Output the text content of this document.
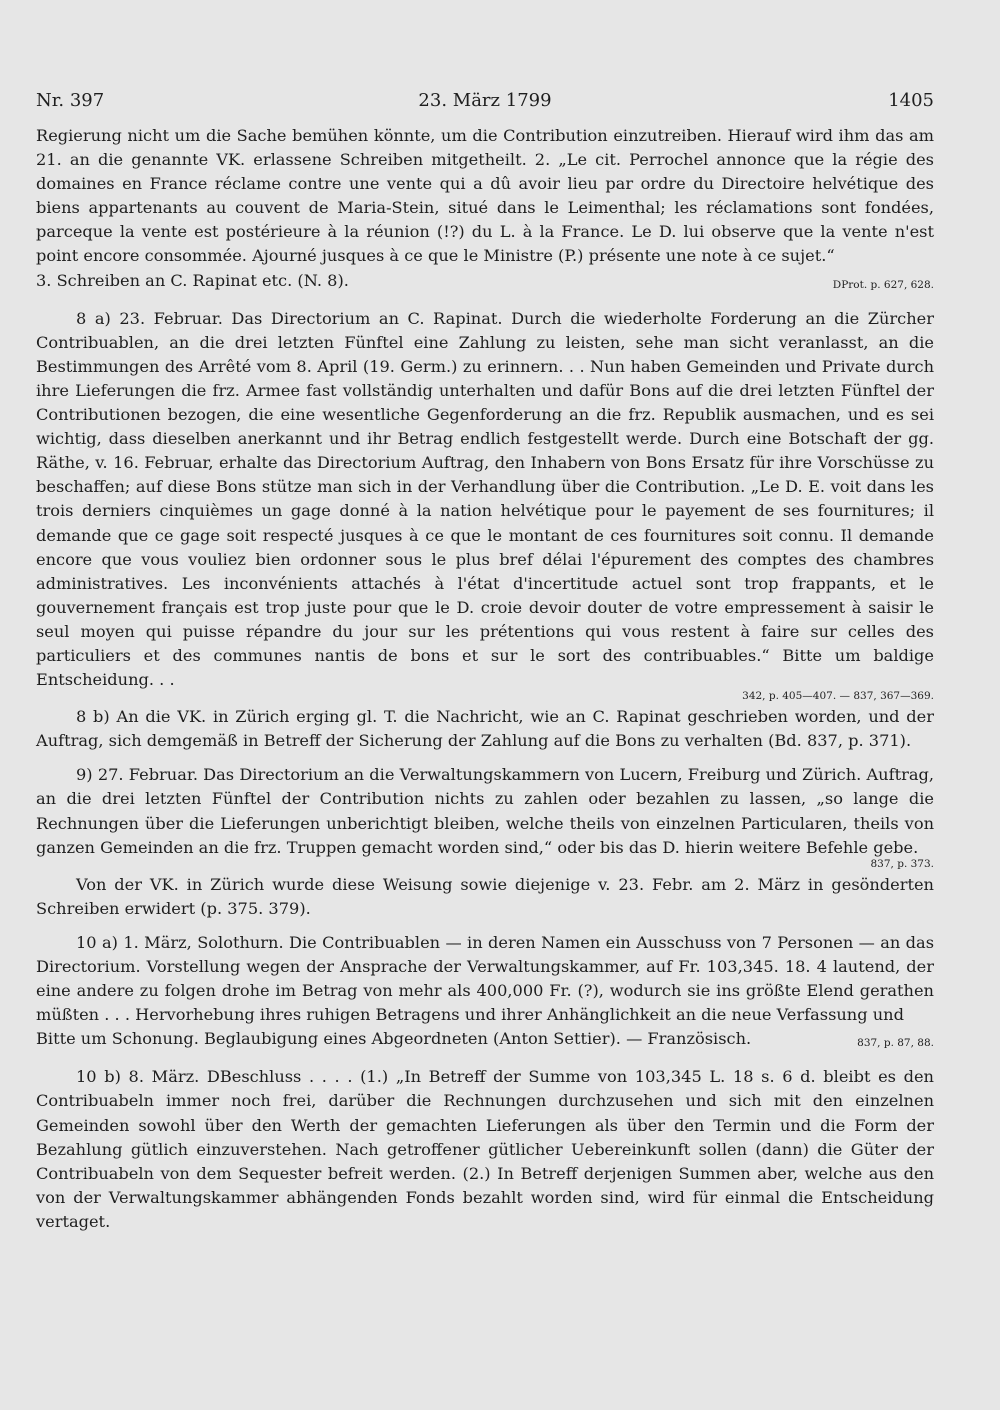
Nr. 397	23. März 1799	1405

Regierung nicht um die Sache bemühen könnte, um die Contribution einzutreiben. Hierauf wird ihm das am 21. an die genannte VK. erlassene Schreiben mitgetheilt. 2. „Le cit. Perrochel annonce que la régie des domaines en France réclame contre une vente qui a dû avoir lieu par ordre du Directoire helvétique des biens appartenants au couvent de Maria-Stein, situé dans le Leimenthal; les réclamations sont fondées, parceque la vente est postérieure à la réunion (!?) du L. à la France. Le D. lui observe que la vente n'est point encore consommée. Ajourné jusques à ce que le Ministre (P.) présente une note à ce sujet.“

3. Schreiben an C. Rapinat etc. (N. 8).	DProt. p. 627, 628.

8 a) 23. Februar. Das Directorium an C. Rapinat. Durch die wiederholte Forderung an die Zürcher Contribuablen, an die drei letzten Fünftel eine Zahlung zu leisten, sehe man sicht veranlasst, an die Bestimmungen des Arrêté vom 8. April (19. Germ.) zu erinnern. . . Nun haben Gemeinden und Private durch ihre Lieferungen die frz. Armee fast vollständig unterhalten und dafür Bons auf die drei letzten Fünftel der Contributionen bezogen, die eine wesentliche Gegenforderung an die frz. Republik ausmachen, und es sei wichtig, dass dieselben anerkannt und ihr Betrag endlich festgestellt werde. Durch eine Botschaft der gg. Räthe, v. 16. Februar, erhalte das Directorium Auftrag, den Inhabern von Bons Ersatz für ihre Vorschüsse zu beschaffen; auf diese Bons stütze man sich in der Verhandlung über die Contribution. „Le D. E. voit dans les trois derniers cinquièmes un gage donné à la nation helvétique pour le payement de ses fournitures; il demande que ce gage soit respecté jusques à ce que le montant de ces fournitures soit connu. Il demande encore que vous vouliez bien ordonner sous le plus bref délai l'épurement des comptes des chambres administratives. Les inconvénients attachés à l'état d'incertitude actuel sont trop frappants, et le gouvernement français est trop juste pour que le D. croie devoir douter de votre empressement à saisir le seul moyen qui puisse répandre du jour sur les prétentions qui vous restent à faire sur celles des particuliers et des communes nantis de bons et sur le sort des contribuables.“ Bitte um baldige Entscheidung. . .

342, p. 405—407. — 837, 367—369.

8 b) An die VK. in Zürich erging gl. T. die Nachricht, wie an C. Rapinat geschrieben worden, und der Auftrag, sich demgemäß in Betreff der Sicherung der Zahlung auf die Bons zu verhalten (Bd. 837, p. 371).

9) 27. Februar. Das Directorium an die Verwaltungskammern von Lucern, Freiburg und Zürich. Auftrag, an die drei letzten Fünftel der Contribution nichts zu zahlen oder bezahlen zu lassen, „so lange die Rechnungen über die Lieferungen unberichtigt bleiben, welche theils von einzelnen Particularen, theils von ganzen Gemeinden an die frz. Truppen gemacht worden sind,“ oder bis das D. hierin weitere Befehle gebe.

837, p. 373.

Von der VK. in Zürich wurde diese Weisung sowie diejenige v. 23. Febr. am 2. März in gesönderten Schreiben erwidert (p. 375. 379).

10 a) 1. März, Solothurn. Die Contribuablen — in deren Namen ein Ausschuss von 7 Personen — an das Directorium. Vorstellung wegen der Ansprache der Verwaltungskammer, auf Fr. 103,345. 18. 4 lautend, der eine andere zu folgen drohe im Betrag von mehr als 400,000 Fr. (?), wodurch sie ins größte Elend gerathen müßten . . . Hervorhebung ihres ruhigen Betragens und ihrer Anhänglichkeit an die neue Verfassung und

Bitte um Schonung. Beglaubigung eines Abgeordneten (Anton Settier). — Französisch.	837, p. 87, 88.

10 b) 8. März. DBeschluss . . . . (1.) „In Betreff der Summe von 103,345 L. 18 s. 6 d. bleibt es den Contribuabeln immer noch frei, darüber die Rechnungen durchzusehen und sich mit den einzelnen Gemeinden sowohl über den Werth der gemachten Lieferungen als über den Termin und die Form der Bezahlung gütlich einzuverstehen. Nach getroffener gütlicher Uebereinkunft sollen (dann) die Güter der Contribuabeln von dem Sequester befreit werden. (2.) In Betreff derjenigen Summen aber, welche aus den von der Verwaltungskammer abhängenden Fonds bezahlt worden sind, wird für einmal die Entscheidung vertaget.
